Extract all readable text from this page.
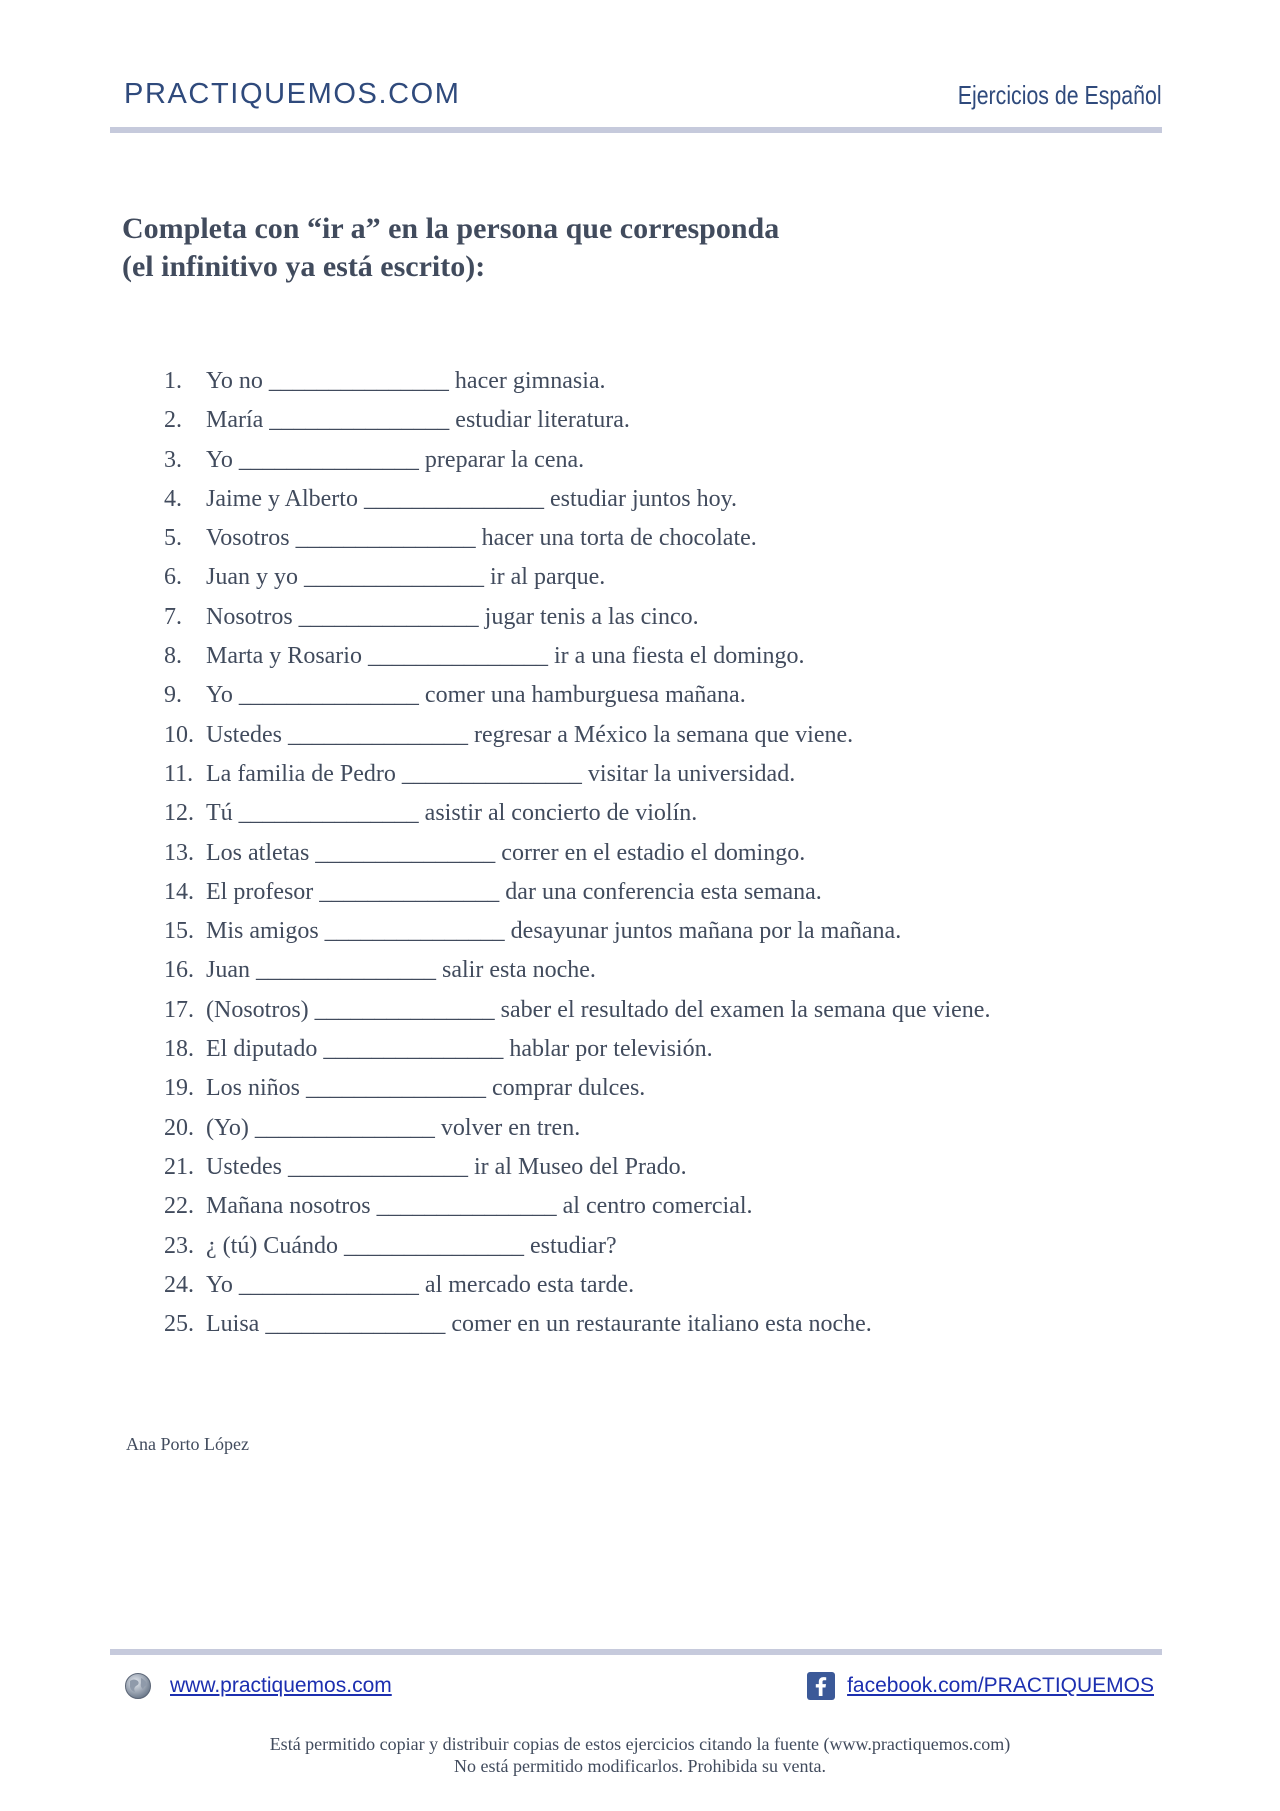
PRACTIQUEMOS.COM	Ejercicios de Español
Completa con “ir a” en la persona que corresponda
(el infinitivo ya está escrito):
1. Yo no _______________ hacer gimnasia.
2. María _______________ estudiar literatura.
3. Yo _______________ preparar la cena.
4. Jaime y Alberto _______________ estudiar juntos hoy.
5. Vosotros _______________ hacer una torta de chocolate.
6. Juan y yo _______________ ir al parque.
7. Nosotros _______________ jugar tenis a las cinco.
8. Marta y Rosario _______________ ir a una fiesta el domingo.
9. Yo _______________ comer una hamburguesa mañana.
10. Ustedes _______________ regresar a México la semana que viene.
11. La familia de Pedro _______________ visitar la universidad.
12. Tú _______________ asistir al concierto de violín.
13. Los atletas _______________ correr en el estadio el domingo.
14. El profesor _______________ dar una conferencia esta semana.
15. Mis amigos _______________ desayunar juntos mañana por la mañana.
16. Juan _______________ salir esta noche.
17. (Nosotros) _______________ saber el resultado del examen la semana que viene.
18. El diputado _______________ hablar por televisión.
19. Los niños _______________ comprar dulces.
20. (Yo) _______________ volver en tren.
21. Ustedes _______________ ir al Museo del Prado.
22. Mañana nosotros _______________ al centro comercial.
23. ¿ (tú) Cuándo _______________ estudiar?
24. Yo _______________ al mercado esta tarde.
25. Luisa _______________ comer en un restaurante italiano esta noche.
Ana Porto López
www.practiquemos.com	facebook.com/PRACTIQUEMOS
Está permitido copiar y distribuir copias de estos ejercicios citando la fuente (www.practiquemos.com)
No está permitido modificarlos. Prohibida su venta.
